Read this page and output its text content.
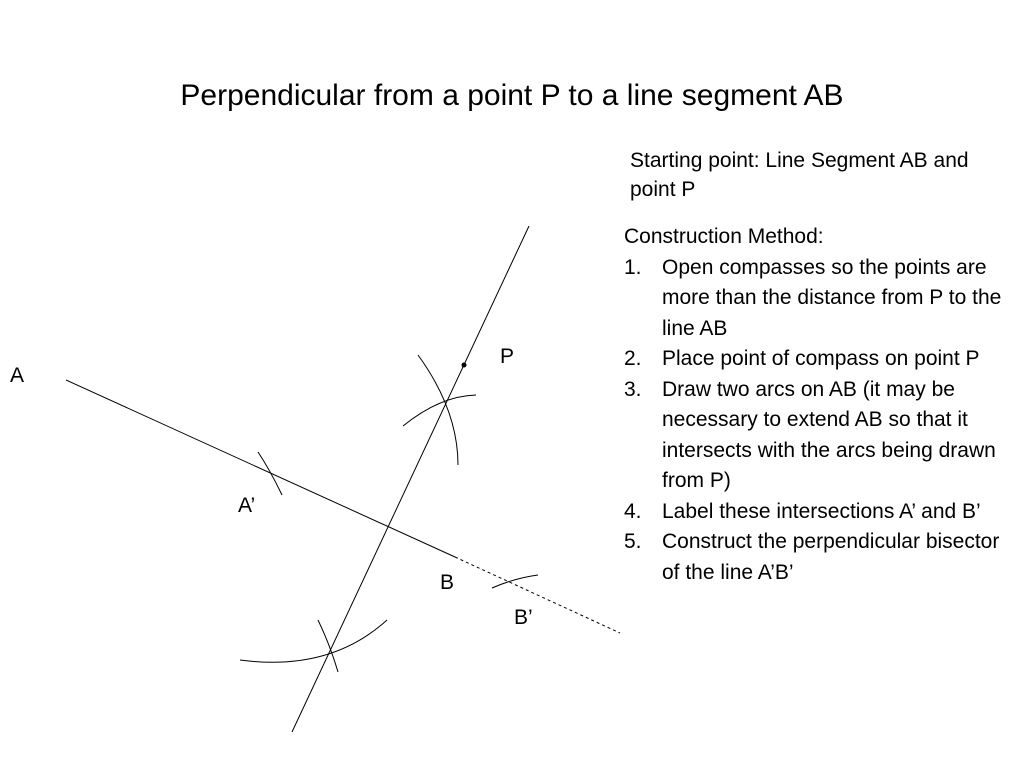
Perpendicular from a point P to a line segment AB
A
P
A’
B
B’
Starting point: Line Segment AB and point P
Construction Method:
1. Open compasses so the points are more than the distance from P to the line AB
2. Place point of compass on point P
3. Draw two arcs on AB (it may be necessary to extend AB so that it intersects with the arcs being drawn from P)
4. Label these intersections A’ and B’
5. Construct the perpendicular bisector of the line A’B’
